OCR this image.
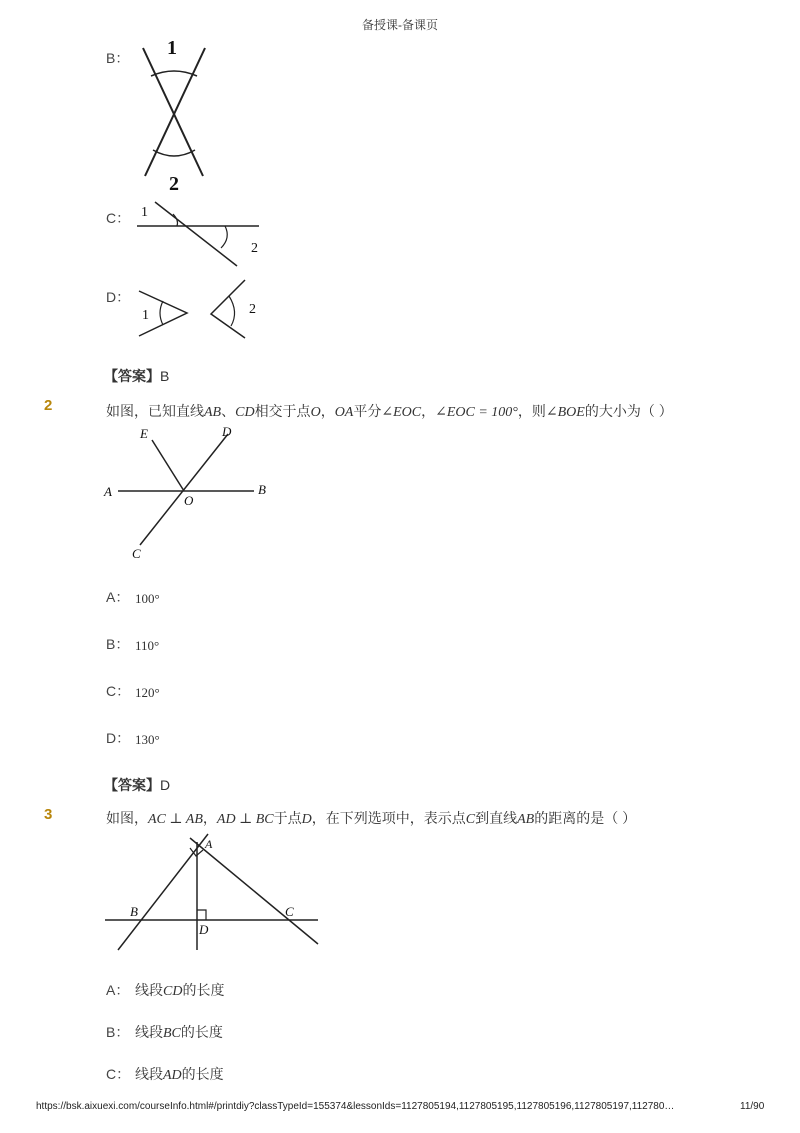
备授课-备课页
B： 1
2
C： 1
2
D：
1	2
【答案】B
2	如图，已知直线AB、CD相交于点O，OA平分∠EOC，∠EOC = 100°，则∠BOE的大小为（ ）
E	D
A
O
B
C
A： 100°
B： 110°
C： 120°
D： 130°
【答案】D
3	如图，AC ⊥ AB，AD ⊥ BC于点D，在下列选项中，表示点C到直线AB的距离的是（ ）
A
B	C
D
A： 线段CD的长度
B： 线段BC的长度
C： 线段AD的长度
https://bsk.aixuexi.com/courseInfo.html#/printdiy?classTypeId=155374&lessonIds=1127805194,1127805195,1127805196,1127805197,112780…	11/90
